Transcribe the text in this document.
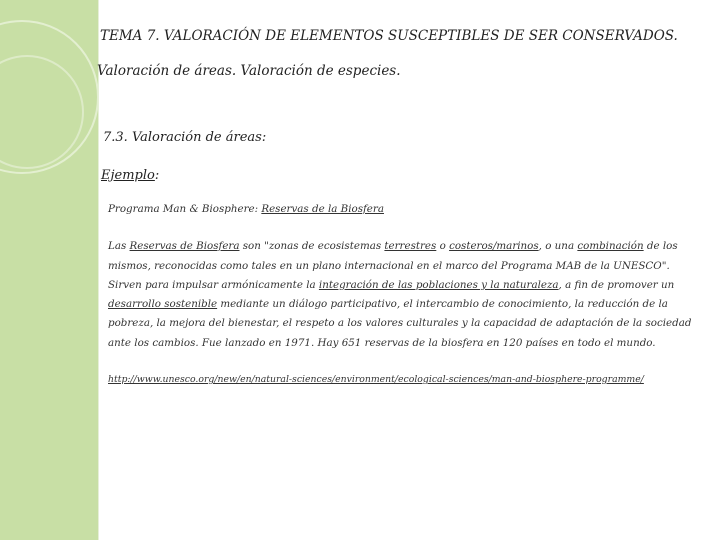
TEMA 7. VALORACIÓN DE ELEMENTOS SUSCEPTIBLES DE SER CONSERVADOS.
Valoración de áreas. Valoración de especies.
7.3. Valoración de áreas:
Ejemplo:
Programa Man & Biosphere: Reservas de la Biosfera
Las Reservas de Biosfera son "zonas de ecosistemas terrestres o costeros/marinos, o una combinación de los
mismos, reconocidas como tales en un plano internacional en el marco del Programa MAB de la UNESCO".
Sirven para impulsar armónicamente la integración de las poblaciones y la naturaleza, a fin de promover un
desarrollo sostenible mediante un diálogo participativo, el intercambio de conocimiento, la reducción de la
pobreza, la mejora del bienestar, el respeto a los valores culturales y la capacidad de adaptación de la sociedad
ante los cambios. Fue lanzado en 1971. Hay 651 reservas de la biosfera en 120 países en todo el mundo.
http://www.unesco.org/new/en/natural-sciences/environment/ecological-sciences/man-and-biosphere-programme/
